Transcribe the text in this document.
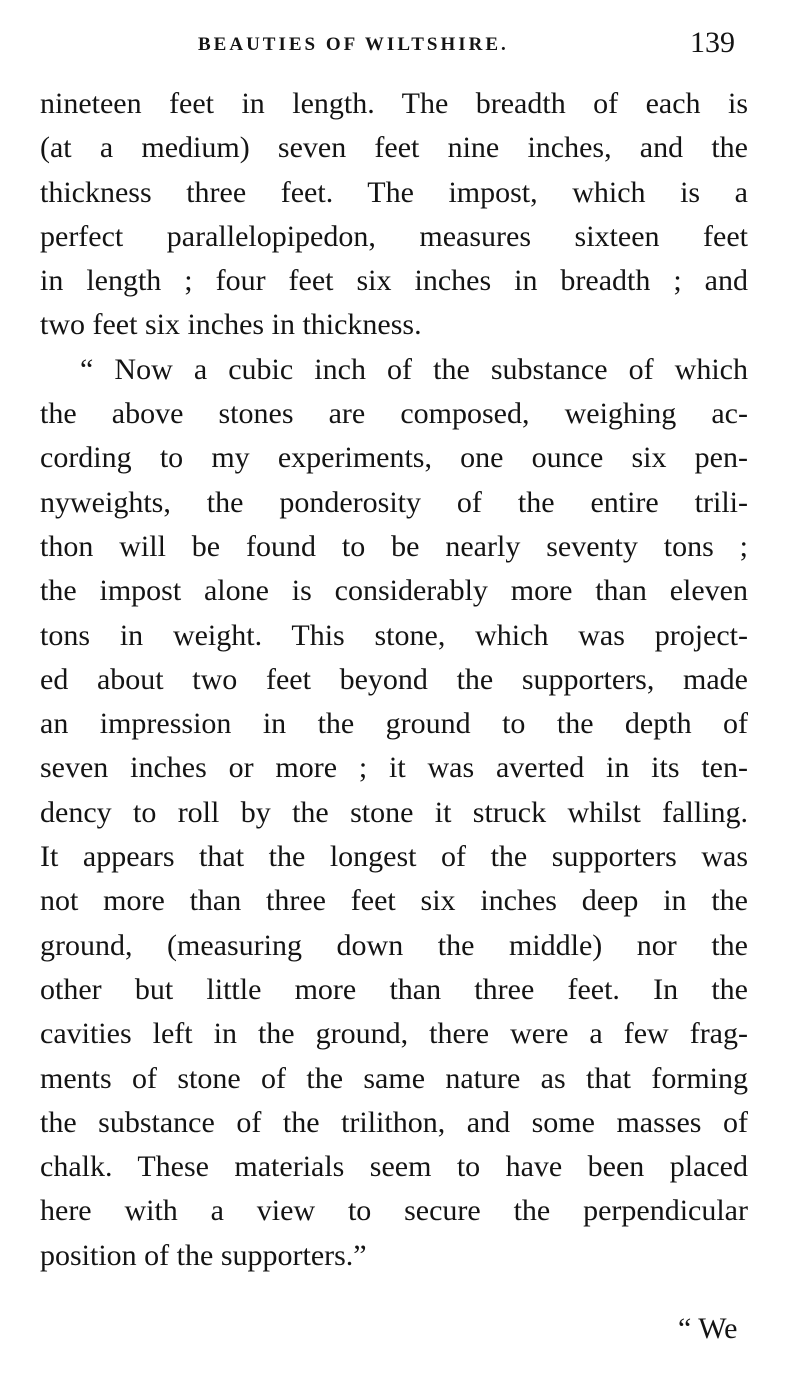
BEAUTIES OF WILTSHIRE.	139
nineteen feet in length. The breadth of each is
(at a medium) seven feet nine inches, and the
thickness three feet. The impost, which is a
perfect parallelopipedon, measures sixteen feet
in length ; four feet six inches in breadth ; and
two feet six inches in thickness.
“ Now a cubic inch of the substance of which
the above stones are composed, weighing ac-
cording to my experiments, one ounce six pen-
nyweights, the ponderosity of the entire trili-
thon will be found to be nearly seventy tons ;
the impost alone is considerably more than eleven
tons in weight. This stone, which was project-
ed about two feet beyond the supporters, made
an impression in the ground to the depth of
seven inches or more ; it was averted in its ten-
dency to roll by the stone it struck whilst falling.
It appears that the longest of the supporters was
not more than three feet six inches deep in the
ground, (measuring down the middle) nor the
other but little more than three feet. In the
cavities left in the ground, there were a few frag-
ments of stone of the same nature as that forming
the substance of the trilithon, and some masses of
chalk. These materials seem to have been placed
here with a view to secure the perpendicular
position of the supporters.”
“ We
